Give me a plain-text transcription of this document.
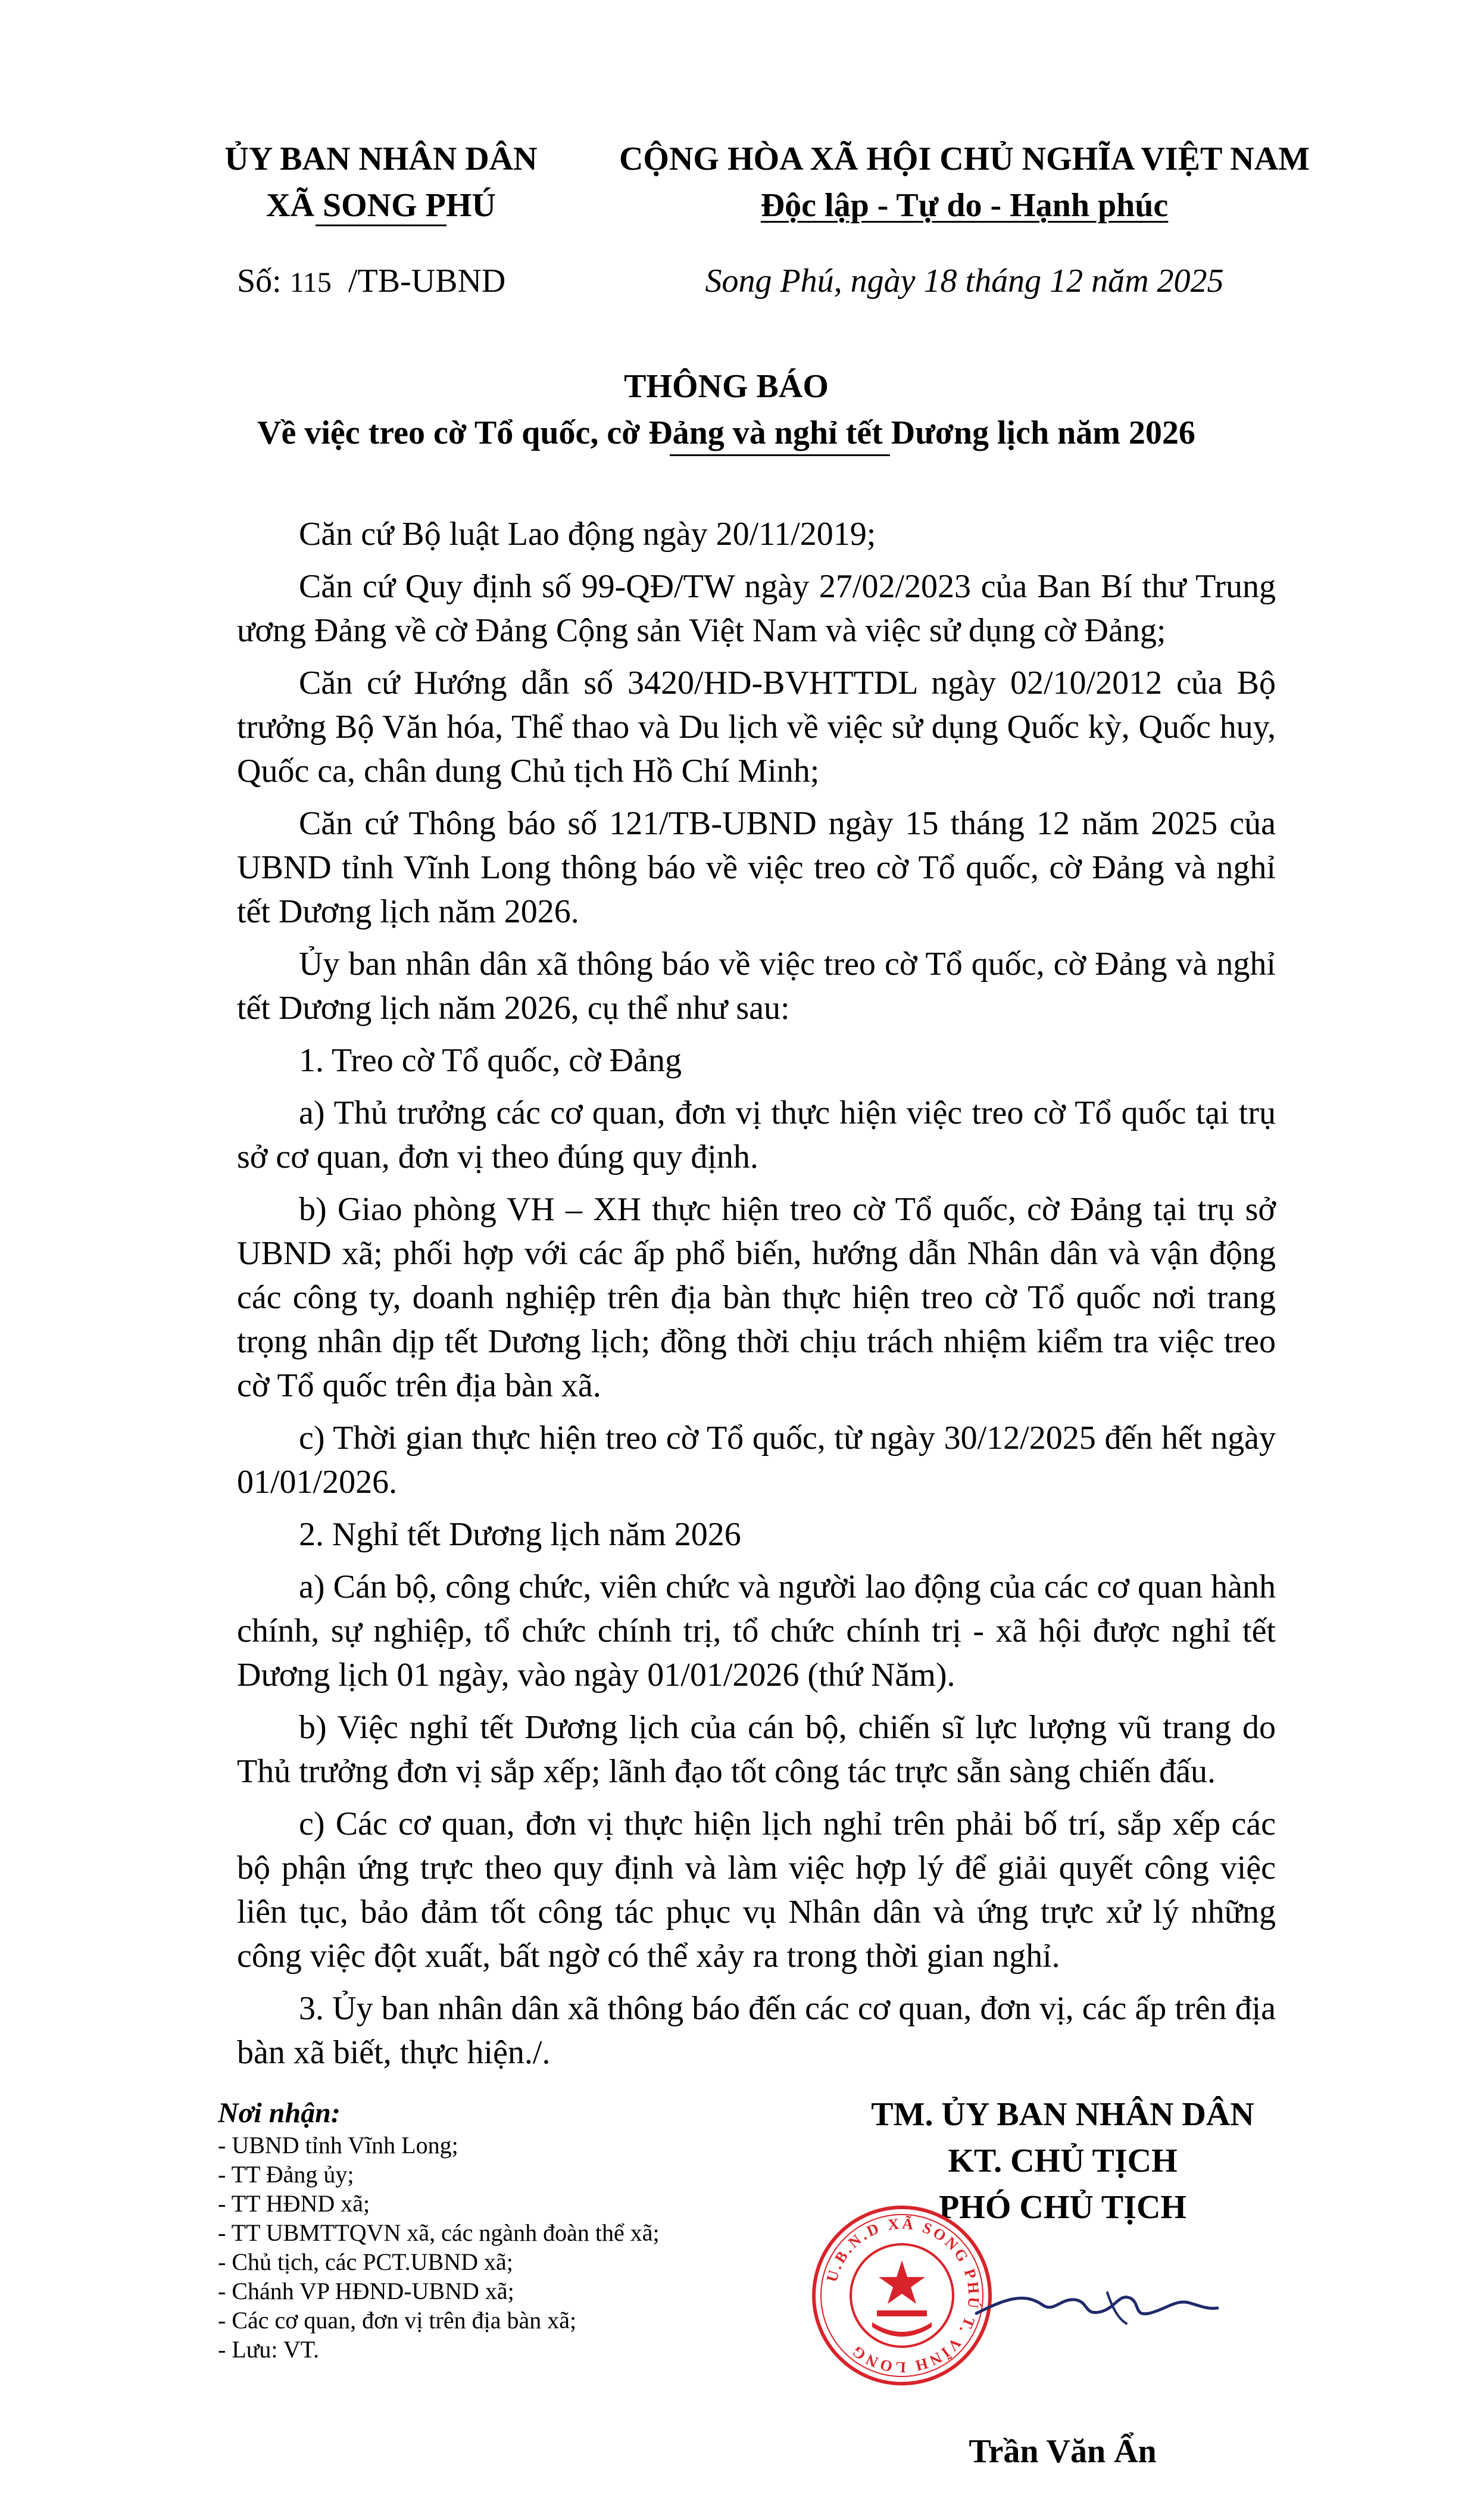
ỦY BAN NHÂN DÂN
XÃ SONG PHÚ
CỘNG HÒA XÃ HỘI CHỦ NGHĨA VIỆT NAM
Độc lập - Tự do - Hạnh phúc
Số: 115  /TB-UBND	Song Phú, ngày 18 tháng 12 năm 2025
THÔNG BÁO
Về việc treo cờ Tổ quốc, cờ Đảng và nghỉ tết Dương lịch năm 2026

Căn cứ Bộ luật Lao động ngày 20/11/2019;

Căn cứ Quy định số 99-QĐ/TW ngày 27/02/2023 của Ban Bí thư Trung ương Đảng về cờ Đảng Cộng sản Việt Nam và việc sử dụng cờ Đảng;

Căn cứ Hướng dẫn số 3420/HD-BVHTTDL ngày 02/10/2012 của Bộ trưởng Bộ Văn hóa, Thể thao và Du lịch về việc sử dụng Quốc kỳ, Quốc huy, Quốc ca, chân dung Chủ tịch Hồ Chí Minh;

Căn cứ Thông báo số 121/TB-UBND ngày 15 tháng 12 năm 2025 của UBND tỉnh Vĩnh Long thông báo về việc treo cờ Tổ quốc, cờ Đảng và nghỉ tết Dương lịch năm 2026.

Ủy ban nhân dân xã thông báo về việc treo cờ Tổ quốc, cờ Đảng và nghỉ tết Dương lịch năm 2026, cụ thể như sau:

1. Treo cờ Tổ quốc, cờ Đảng

a) Thủ trưởng các cơ quan, đơn vị thực hiện việc treo cờ Tổ quốc tại trụ sở cơ quan, đơn vị theo đúng quy định.

b) Giao phòng VH – XH thực hiện treo cờ Tổ quốc, cờ Đảng tại trụ sở UBND xã; phối hợp với các ấp phổ biến, hướng dẫn Nhân dân và vận động các công ty, doanh nghiệp trên địa bàn thực hiện treo cờ Tổ quốc nơi trang trọng nhân dịp tết Dương lịch; đồng thời chịu trách nhiệm kiểm tra việc treo cờ Tổ quốc trên địa bàn xã.

c) Thời gian thực hiện treo cờ Tổ quốc, từ ngày 30/12/2025 đến hết ngày 01/01/2026.

2. Nghỉ tết Dương lịch năm 2026

a) Cán bộ, công chức, viên chức và người lao động của các cơ quan hành chính, sự nghiệp, tổ chức chính trị, tổ chức chính trị - xã hội được nghỉ tết Dương lịch 01 ngày, vào ngày 01/01/2026 (thứ Năm).

b) Việc nghỉ tết Dương lịch của cán bộ, chiến sĩ lực lượng vũ trang do Thủ trưởng đơn vị sắp xếp; lãnh đạo tốt công tác trực sẵn sàng chiến đấu.

c) Các cơ quan, đơn vị thực hiện lịch nghỉ trên phải bố trí, sắp xếp các bộ phận ứng trực theo quy định và làm việc hợp lý để giải quyết công việc liên tục, bảo đảm tốt công tác phục vụ Nhân dân và ứng trực xử lý những công việc đột xuất, bất ngờ có thể xảy ra trong thời gian nghỉ.

3. Ủy ban nhân dân xã thông báo đến các cơ quan, đơn vị, các ấp trên địa bàn xã biết, thực hiện./.

Nơi nhận:
- UBND tỉnh Vĩnh Long;
- TT Đảng ủy;
- TT HĐND xã;
- TT UBMTTQVN xã, các ngành đoàn thể xã;
- Chủ tịch, các PCT.UBND xã;
- Chánh VP HĐND-UBND xã;
- Các cơ quan, đơn vị trên địa bàn xã;
- Lưu: VT.
TM. ỦY BAN NHÂN DÂN
KT. CHỦ TỊCH
PHÓ CHỦ TỊCH
U.B.N.D XÃ SONG PHÚ T. VĨNH LONG
Trần Văn Ẩn
